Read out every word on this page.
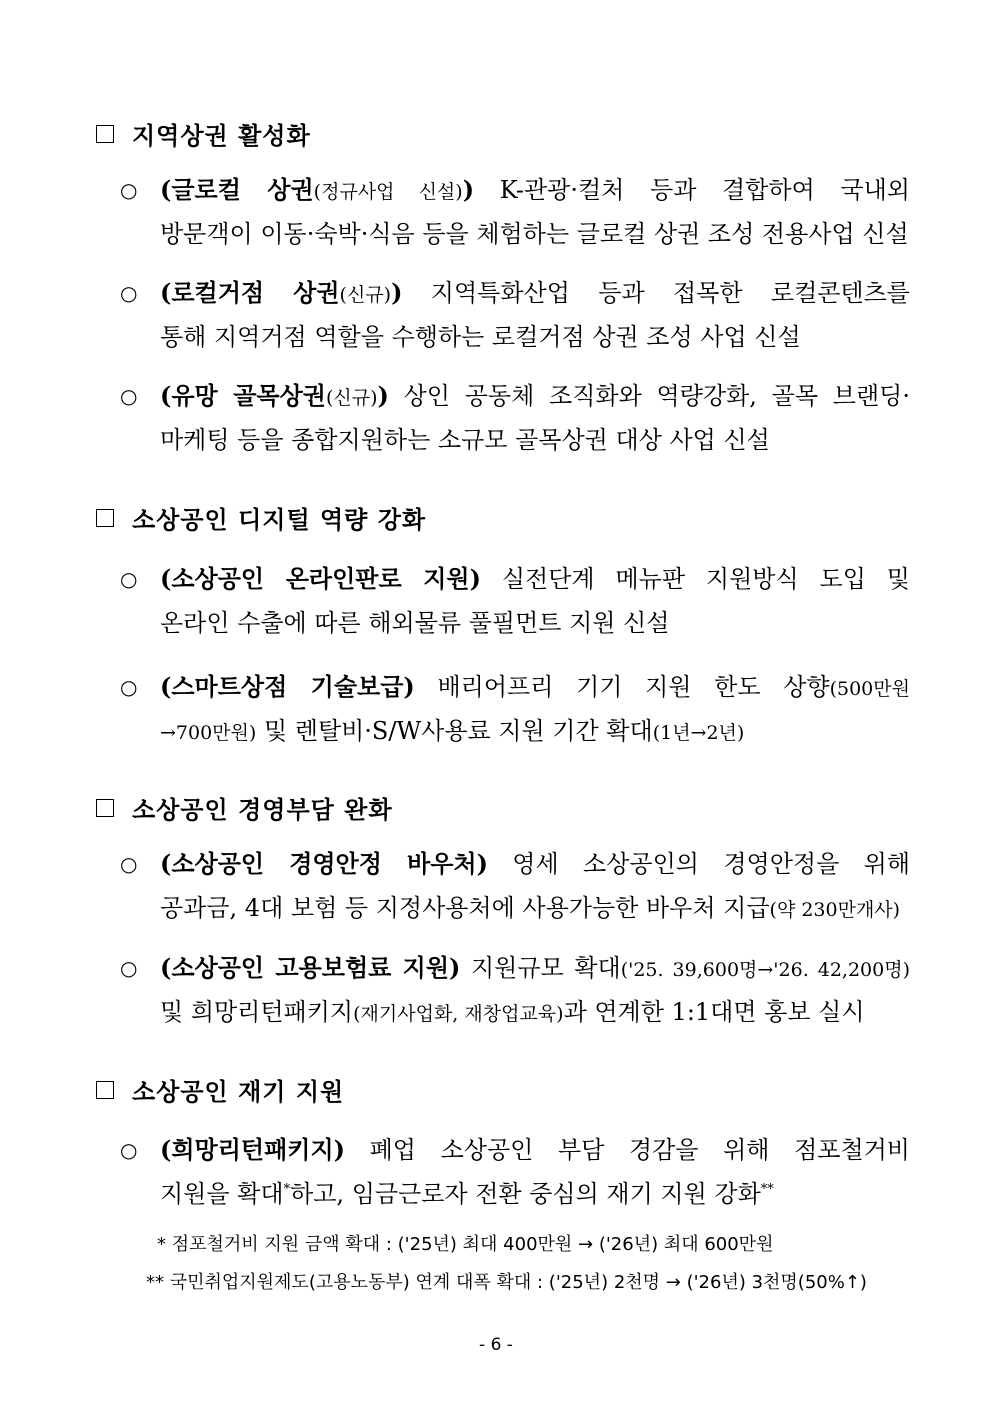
지역상권 활성화
○ (글로컬 상권(정규사업 신설)) K-관광·컬처 등과 결합하여 국내외
방문객이 이동·숙박·식음 등을 체험하는 글로컬 상권 조성 전용사업 신설
○ (로컬거점 상권(신규)) 지역특화산업 등과 접목한 로컬콘텐츠를
통해 지역거점 역할을 수행하는 로컬거점 상권 조성 사업 신설
○ (유망 골목상권(신규)) 상인 공동체 조직화와 역량강화, 골목 브랜딩·
마케팅 등을 종합지원하는 소규모 골목상권 대상 사업 신설
소상공인 디지털 역량 강화
○ (소상공인 온라인판로 지원) 실전단계 메뉴판 지원방식 도입 및
온라인 수출에 따른 해외물류 풀필먼트 지원 신설
○ (스마트상점 기술보급) 배리어프리 기기 지원 한도 상향(500만원
→700만원) 및 렌탈비·S/W사용료 지원 기간 확대(1년→2년)
소상공인 경영부담 완화
○ (소상공인 경영안정 바우처) 영세 소상공인의 경영안정을 위해
공과금, 4대 보험 등 지정사용처에 사용가능한 바우처 지급(약 230만개사)
○ (소상공인 고용보험료 지원) 지원규모 확대('25. 39,600명→'26. 42,200명)
및 희망리턴패키지(재기사업화, 재창업교육)과 연계한 1:1대면 홍보 실시
소상공인 재기 지원
○ (희망리턴패키지) 폐업 소상공인 부담 경감을 위해 점포철거비
지원을 확대*하고, 임금근로자 전환 중심의 재기 지원 강화**
* 점포철거비 지원 금액 확대 : ('25년) 최대 400만원 → ('26년) 최대 600만원
** 국민취업지원제도(고용노동부) 연계 대폭 확대 : ('25년) 2천명 → ('26년) 3천명(50%↑)
- 6 -
